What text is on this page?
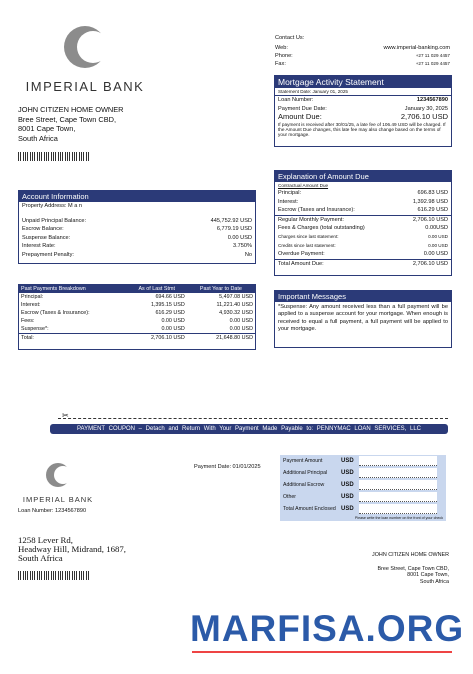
IMPERIAL BANK
Contact Us:
Web:	www.imperial-banking.com
Phone:	+27 11 029 4457
Fax:	+27 11 029 4457
JOHN CITIZEN HOME OWNER
Bree Street, Cape Town CBD,
8001 Cape Town,
South Africa
Mortgage Activity Statement
Statement Date: January 01, 2025
Loan Number:	1234567890
Payment Due Date:	January 30, 2025
Amount Due:	2,706.10 USD
If payment is received after 30/01/25, a late fee of 106.49 USD will be charged. If the Amount Due changes, this late fee may also change based on the terms of your mortgage.
Account Information
Property Address: M a n
Unpaid Principal Balance:	445,752.92 USD
Escrow Balance:	6,779.19 USD
Suspense Balance:	0.00 USD
Interest Rate:	3.750%
Prepayment Penalty:	No
Explanation of Amount Due
Contractual Amount Due
Principal:	696.83 USD
Interest:	1,392.98 USD
Escrow (Taxes and Insurance):	616.29 USD
Regular Monthly Payment:	2,706.10 USD
Fees & Charges (total outstanding)	0.00USD
Charges since last statement:	0.00 USD
Credits since last statement:	0.00 USD
Overdue Payment:	0.00 USD
Total Amount Due:	2,706.10 USD
Past Payments Breakdown	As of Last Stmt	Past Year to Date
Principal:	694.66 USD	5,497.08 USD
Interest:	1,395.15 USD	11,221.40 USD
Escrow (Taxes & Insurance):	616.29 USD	4,930.32 USD
Fees:	0.00 USD	0.00 USD
Suspense*:	0.00 USD	0.00 USD
Total:	2,706.10 USD	21,648.80 USD
Important Messages
*Suspense: Any amount received less than a full payment will be applied to a suspense account for your mortgage. When enough is received to equal a full payment, a full payment will be applied to your mortgage.
✂
PAYMENT COUPON – Detach and Return With Your Payment Made Payable to: PENNYMAC LOAN SERVICES, LLC
IMPERIAL BANK
Loan Number: 1234567890
Payment Date: 01/01/2025
Payment Amount	USD
Additional Principal	USD
Additional Escrow	USD
Other	USD
Total Amount Enclosed USD
Please write the loan number on the front of your check
1258 Lever Rd,
Headway Hill, Midrand, 1687,
South Africa	JOHN CITIZEN HOME OWNER
Bree Street, Cape Town CBD,
8001 Cape Town,
South Africa
MARFISA.ORG
